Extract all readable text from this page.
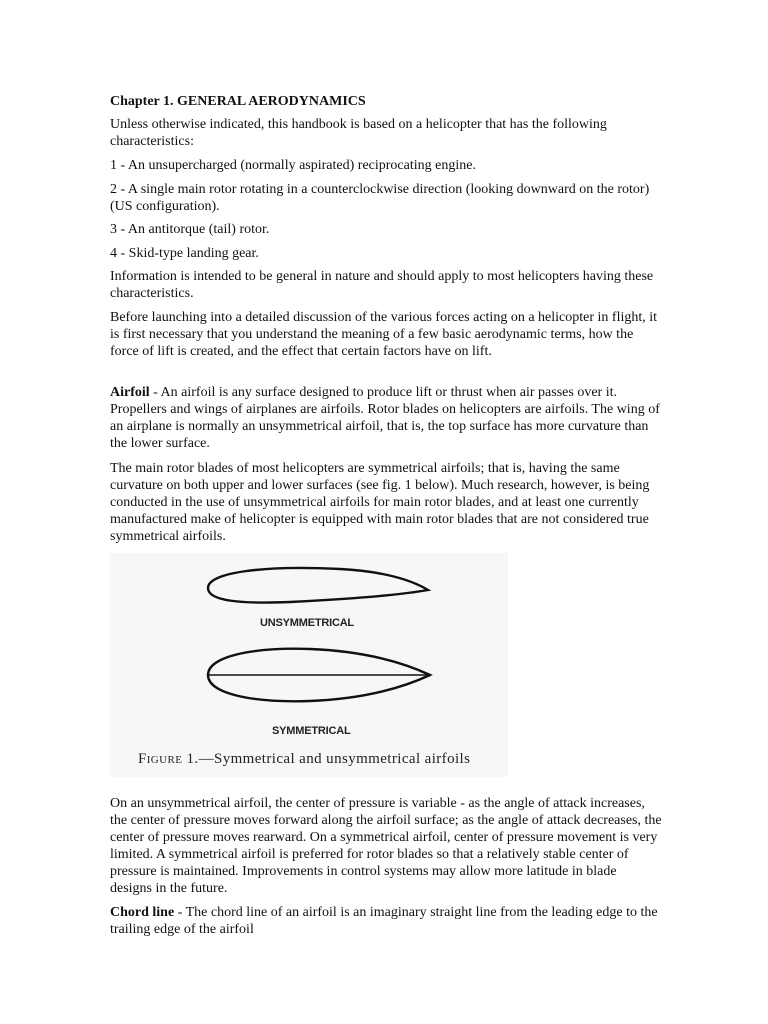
Chapter 1. GENERAL AERODYNAMICS

Unless otherwise indicated, this handbook is based on a helicopter that has the following characteristics:

1 - An unsupercharged (normally aspirated) reciprocating engine.

2 - A single main rotor rotating in a counterclockwise direction (looking downward on the rotor) (US configuration).

3 - An antitorque (tail) rotor.

4 - Skid-type landing gear.

Information is intended to be general in nature and should apply to most helicopters having these characteristics.

Before launching into a detailed discussion of the various forces acting on a helicopter in flight, it is first necessary that you understand the meaning of a few basic aerodynamic terms, how the force of lift is created, and the effect that certain factors have on lift.

Airfoil - An airfoil is any surface designed to produce lift or thrust when air passes over it. Propellers and wings of airplanes are airfoils. Rotor blades on helicopters are airfoils. The wing of an airplane is normally an unsymmetrical airfoil, that is, the top surface has more curvature than the lower surface.

The main rotor blades of most helicopters are symmetrical airfoils; that is, having the same curvature on both upper and lower surfaces (see fig. 1 below). Much research, however, is being conducted in the use of unsymmetrical airfoils for main rotor blades, and at least one currently manufactured make of helicopter is equipped with main rotor blades that are not considered true symmetrical airfoils.

UNSYMMETRICAL
SYMMETRICAL
Figure 1.—Symmetrical and unsymmetrical airfoils

On an unsymmetrical airfoil, the center of pressure is variable - as the angle of attack increases, the center of pressure moves forward along the airfoil surface; as the angle of attack decreases, the center of pressure moves rearward. On a symmetrical airfoil, center of pressure movement is very limited. A symmetrical airfoil is preferred for rotor blades so that a relatively stable center of pressure is maintained. Improvements in control systems may allow more latitude in blade designs in the future.

Chord line - The chord line of an airfoil is an imaginary straight line from the leading edge to the trailing edge of the airfoil
